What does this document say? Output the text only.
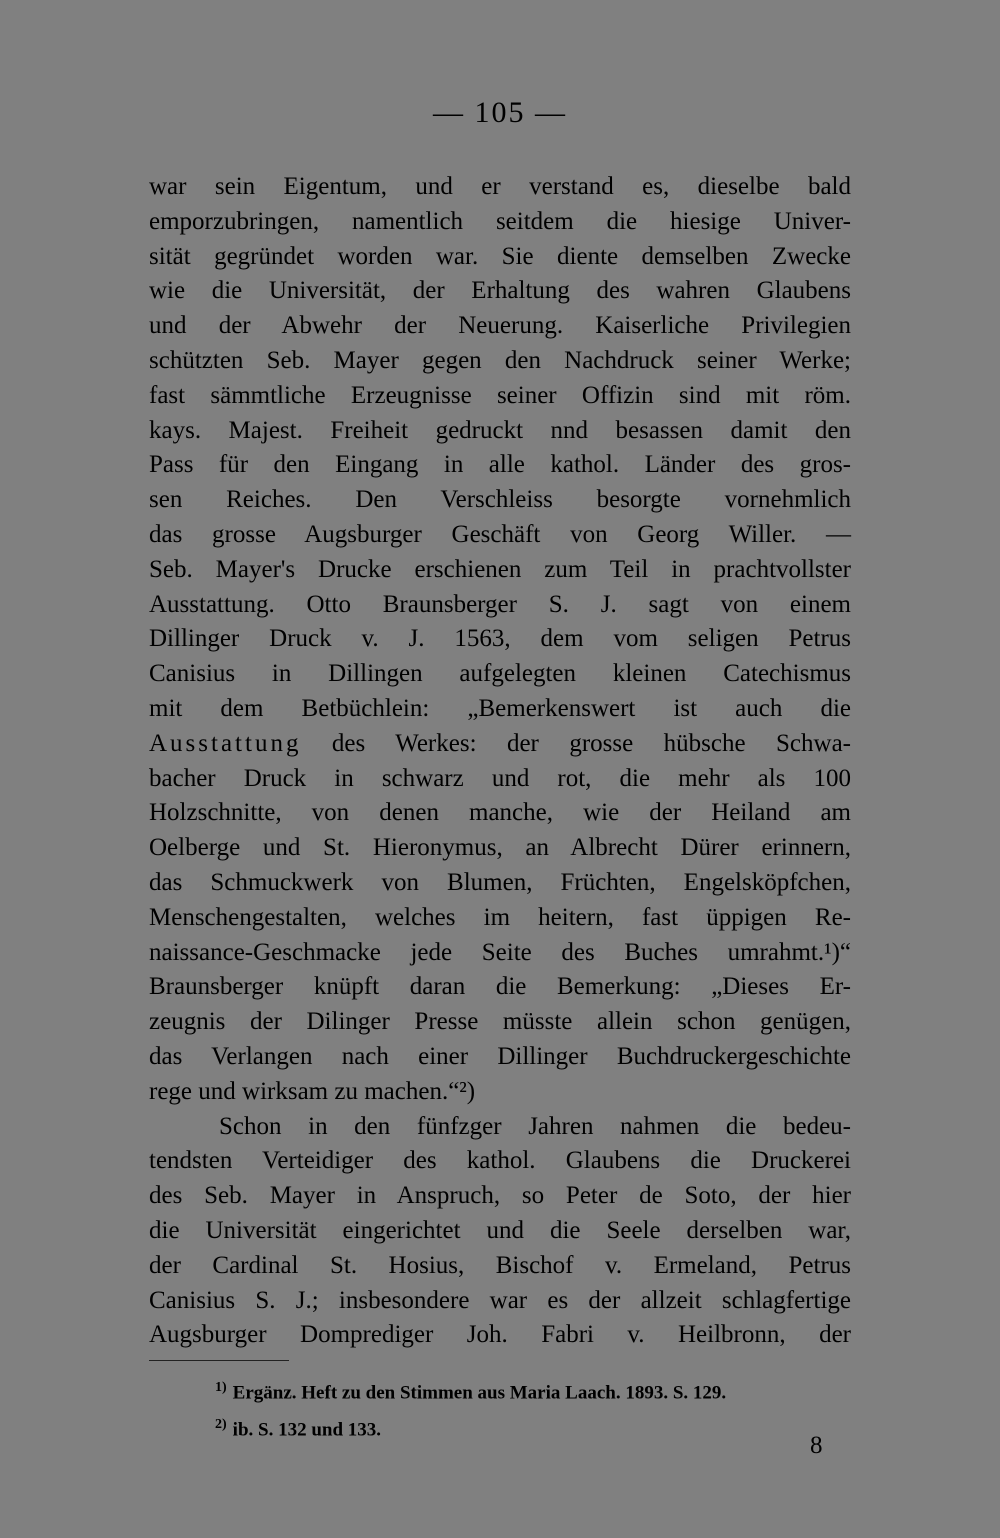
— 105 —
war sein Eigentum, und er verstand es, dieselbe bald
emporzubringen, namentlich seitdem die hiesige Univer-
sität gegründet worden war. Sie diente demselben Zwecke
wie die Universität, der Erhaltung des wahren Glaubens
und der Abwehr der Neuerung. Kaiserliche Privilegien
schützten Seb. Mayer gegen den Nachdruck seiner Werke;
fast sämmtliche Erzeugnisse seiner Offizin sind mit röm.
kays. Majest. Freiheit gedruckt nnd besassen damit den
Pass für den Eingang in alle kathol. Länder des gros-
sen Reiches. Den Verschleiss besorgte vornehmlich
das grosse Augsburger Geschäft von Georg Willer. —
Seb. Mayer's Drucke erschienen zum Teil in prachtvollster
Ausstattung. Otto Braunsberger S. J. sagt von einem
Dillinger Druck v. J. 1563, dem vom seligen Petrus
Canisius in Dillingen aufgelegten kleinen Catechismus
mit dem Betbüchlein: „Bemerkenswert ist auch die
Ausstattung des Werkes: der grosse hübsche Schwa-
bacher Druck in schwarz und rot, die mehr als 100
Holzschnitte, von denen manche, wie der Heiland am
Oelberge und St. Hieronymus, an Albrecht Dürer erinnern,
das Schmuckwerk von Blumen, Früchten, Engelsköpfchen,
Menschengestalten, welches im heitern, fast üppigen Re-
naissance-Geschmacke jede Seite des Buches umrahmt.¹)“
Braunsberger knüpft daran die Bemerkung: „Dieses Er-
zeugnis der Dilinger Presse müsste allein schon genügen,
das Verlangen nach einer Dillinger Buchdruckergeschichte
rege und wirksam zu machen.“²)
Schon in den fünfzger Jahren nahmen die bedeu-
tendsten Verteidiger des kathol. Glaubens die Druckerei
des Seb. Mayer in Anspruch, so Peter de Soto, der hier
die Universität eingerichtet und die Seele derselben war,
der Cardinal St. Hosius, Bischof v. Ermeland, Petrus
Canisius S. J.; insbesondere war es der allzeit schlagfertige
Augsburger Domprediger Joh. Fabri v. Heilbronn, der
$^{1)}$ Ergänz. Heft zu den Stimmen aus Maria Laach. 1893. S. 129.
$^{2)}$ ib. S. 132 und 133.
8
